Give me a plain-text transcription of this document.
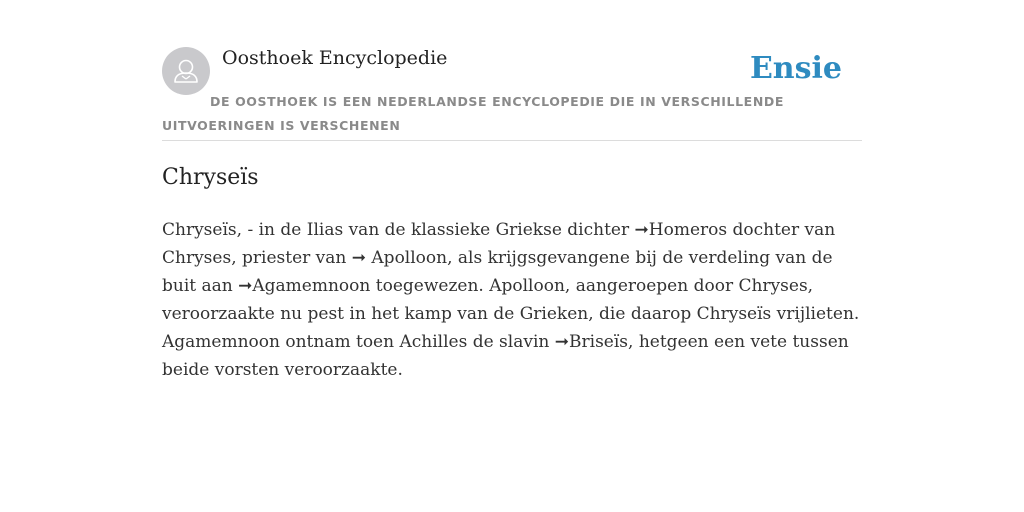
Oosthoek Encyclopedie	Ensie
DE OOSTHOEK IS EEN NEDERLANDSE ENCYCLOPEDIE DIE IN VERSCHILLENDE UITVOERINGEN IS VERSCHENEN
Chryseïs

Chryseïs, - in de Ilias van de klassieke Griekse dichter ➞Homeros dochter van Chryses, priester van ➞ Apolloon, als krijgsgevangene bij de verdeling van de buit aan ➞Agamemnoon toegewezen. Apolloon, aangeroepen door Chryses, veroorzaakte nu pest in het kamp van de Grieken, die daarop Chryseïs vrijlieten. Agamemnoon ontnam toen Achilles de slavin ➞Briseïs, hetgeen een vete tussen beide vorsten veroorzaakte.
